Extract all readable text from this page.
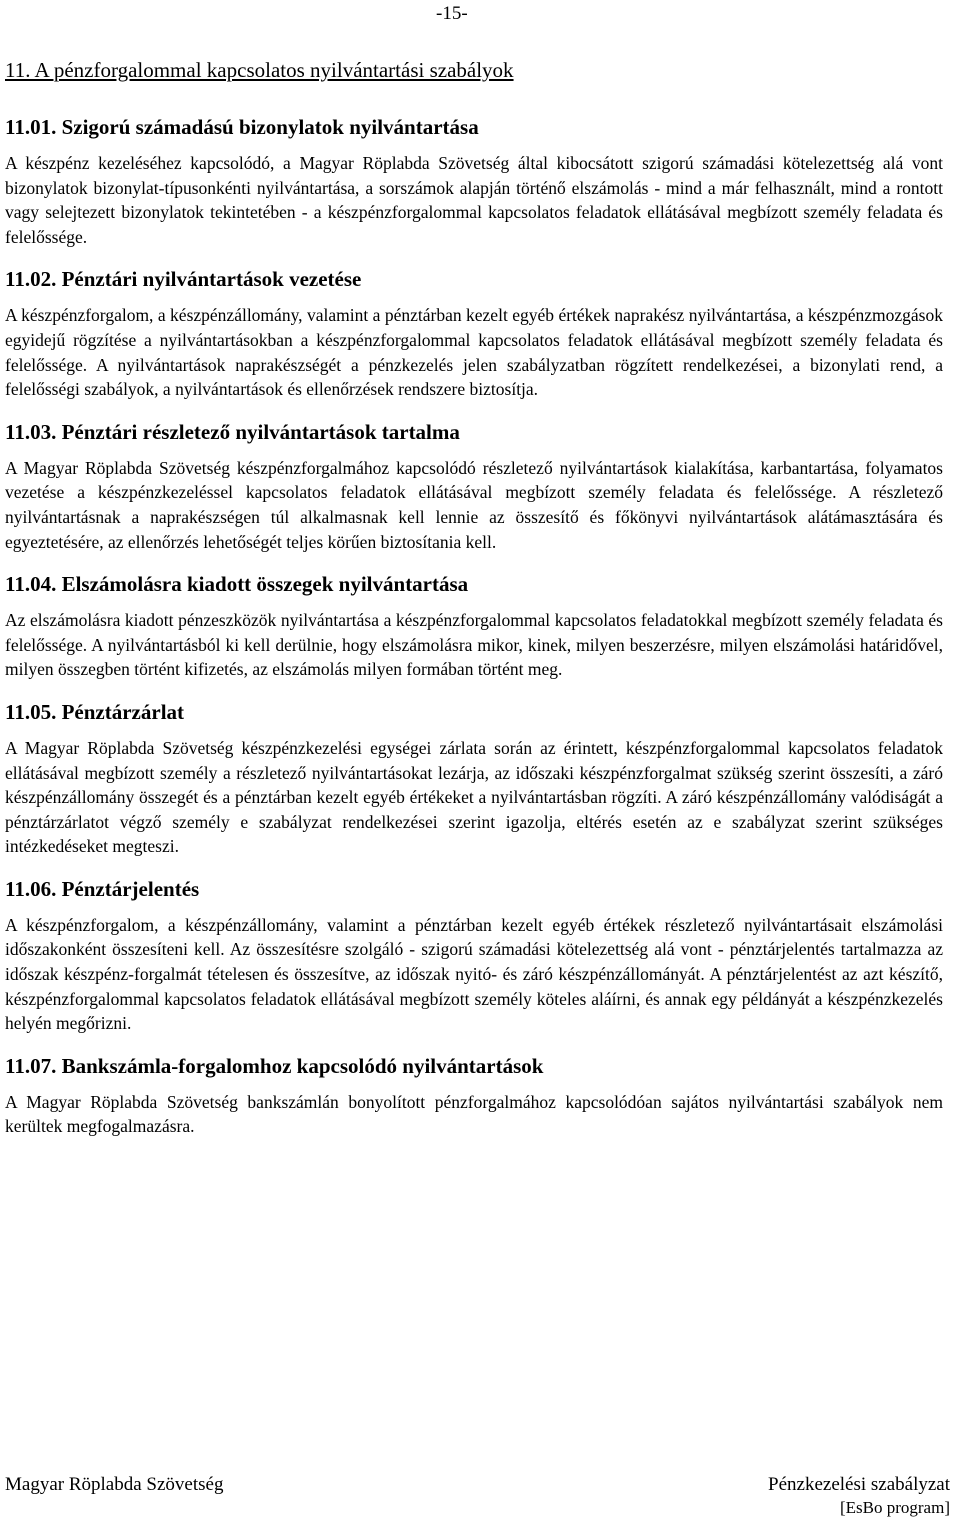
-15-
11. A pénzforgalommal kapcsolatos nyilvántartási szabályok
11.01. Szigorú számadású bizonylatok nyilvántartása

A készpénz kezeléséhez kapcsolódó, a Magyar Röplabda Szövetség által kibocsátott szigorú számadási kötelezettség alá vont bizonylatok bizonylat-típusonkénti nyilvántartása, a sorszámok alapján történő elszámolás - mind a már felhasznált, mind a rontott vagy selejtezett bizonylatok tekintetében - a készpénzforgalommal kapcsolatos feladatok ellátásával megbízott személy feladata és felelőssége.

11.02. Pénztári nyilvántartások vezetése

A készpénzforgalom, a készpénzállomány, valamint a pénztárban kezelt egyéb értékek naprakész nyilvántartása, a készpénzmozgások egyidejű rögzítése a nyilvántartásokban a készpénzforgalommal kapcsolatos feladatok ellátásával megbízott személy feladata és felelőssége. A nyilvántartások naprakészségét a pénzkezelés jelen szabályzatban rögzített rendelkezései, a bizonylati rend, a felelősségi szabályok, a nyilvántartások és ellenőrzések rendszere biztosítja.

11.03. Pénztári részletező nyilvántartások tartalma

A Magyar Röplabda Szövetség készpénzforgalmához kapcsolódó részletező nyilvántartások kialakítása, karbantartása, folyamatos vezetése a készpénzkezeléssel kapcsolatos feladatok ellátásával megbízott személy feladata és felelőssége. A részletező nyilvántartásnak a naprakészségen túl alkalmasnak kell lennie az összesítő és főkönyvi nyilvántartások alátámasztására és egyeztetésére, az ellenőrzés lehetőségét teljes körűen biztosítania kell.

11.04. Elszámolásra kiadott összegek nyilvántartása

Az elszámolásra kiadott pénzeszközök nyilvántartása a készpénzforgalommal kapcsolatos feladatokkal megbízott személy feladata és felelőssége. A nyilvántartásból ki kell derülnie, hogy elszámolásra mikor, kinek, milyen beszerzésre, milyen elszámolási határidővel, milyen összegben történt kifizetés, az elszámolás milyen formában történt meg.

11.05. Pénztárzárlat

A Magyar Röplabda Szövetség készpénzkezelési egységei zárlata során az érintett, készpénzforgalommal kapcsolatos feladatok ellátásával megbízott személy a részletező nyilvántartásokat lezárja, az időszaki készpénzforgalmat szükség szerint összesíti, a záró készpénzállomány összegét és a pénztárban kezelt egyéb értékeket a nyilvántartásban rögzíti. A záró készpénzállomány valódiságát a pénztárzárlatot végző személy e szabályzat rendelkezései szerint igazolja, eltérés esetén az e szabályzat szerint szükséges intézkedéseket megteszi.

11.06. Pénztárjelentés

A készpénzforgalom, a készpénzállomány, valamint a pénztárban kezelt egyéb értékek részletező nyilvántartásait elszámolási időszakonként összesíteni kell. Az összesítésre szolgáló - szigorú számadási kötelezettség alá vont - pénztárjelentés tartalmazza az időszak készpénz-forgalmát tételesen és összesítve, az időszak nyitó- és záró készpénzállományát. A pénztárjelentést az azt készítő, készpénzforgalommal kapcsolatos feladatok ellátásával megbízott személy köteles aláírni, és annak egy példányát a készpénzkezelés helyén megőrizni.

11.07. Bankszámla-forgalomhoz kapcsolódó nyilvántartások

A Magyar Röplabda Szövetség bankszámlán bonyolított pénzforgalmához kapcsolódóan sajátos nyilvántartási szabályok nem kerültek megfogalmazásra.

Magyar Röplabda Szövetség	Pénzkezelési szabályzat
[EsBo program]
